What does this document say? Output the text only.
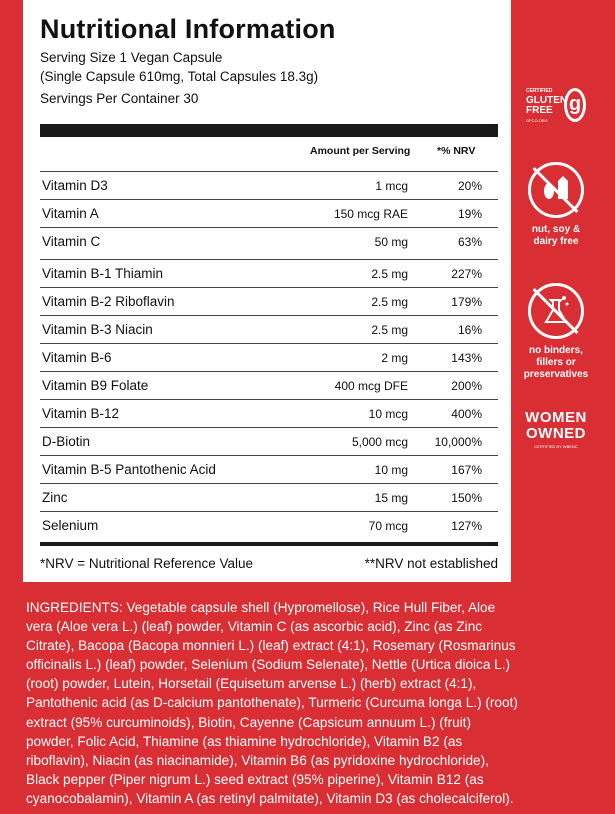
Nutritional Information
Serving Size 1 Vegan Capsule
(Single Capsule 610mg, Total Capsules 18.3g)
Servings Per Container 30
Amount per Serving	*% NRV
Vitamin D3	1 mcg	20%
Vitamin A	150 mcg RAE	19%
Vitamin C	50 mg	63%
Vitamin B-1 Thiamin	2.5 mg	227%
Vitamin B-2 Riboflavin	2.5 mg	179%
Vitamin B-3 Niacin	2.5 mg	16%
Vitamin B-6	2 mg	143%
Vitamin B9 Folate	400 mcg DFE	200%
Vitamin B-12	10 mcg	400%
D-Biotin	5,000 mcg 10,000%
Vitamin B-5 Pantothenic Acid	10 mg	167%
Zinc	15 mg	150%
Selenium	70 mcg	127%
*NRV = Nutritional Reference Value	**NRV not established
INGREDIENTS: Vegetable capsule shell (Hypromellose), Rice Hull Fiber, Aloe
vera (Aloe vera L.) (leaf) powder, Vitamin C (as ascorbic acid), Zinc (as Zinc
Citrate), Bacopa (Bacopa monnieri L.) (leaf) extract (4:1), Rosemary (Rosmarinus
officinalis L.) (leaf) powder, Selenium (Sodium Selenate), Nettle (Urtica dioica L.)
(root) powder, Lutein, Horsetail (Equisetum arvense L.) (herb) extract (4:1),
Pantothenic acid (as D-calcium pantothenate), Turmeric (Curcuma longa L.) (root)
extract (95% curcuminoids), Biotin, Cayenne (Capsicum annuum L.) (fruit)
powder, Folic Acid, Thiamine (as thiamine hydrochloride), Vitamin B2 (as
riboflavin), Niacin (as niacinamide), Vitamin B6 (as pyridoxine hydrochloride),
Black pepper (Piper nigrum L.) seed extract (95% piperine), Vitamin B12 (as
cyanocobalamin), Vitamin A (as retinyl palmitate), Vitamin D3 (as cholecalciferol).
CERTIFIED
GLUTEN
FREE
GFCO.ORG
g
nut, soy &
dairy free
no binders,
fillers or
preservatives
WOMEN
OWNED
CERTIFIED BY WBENC
